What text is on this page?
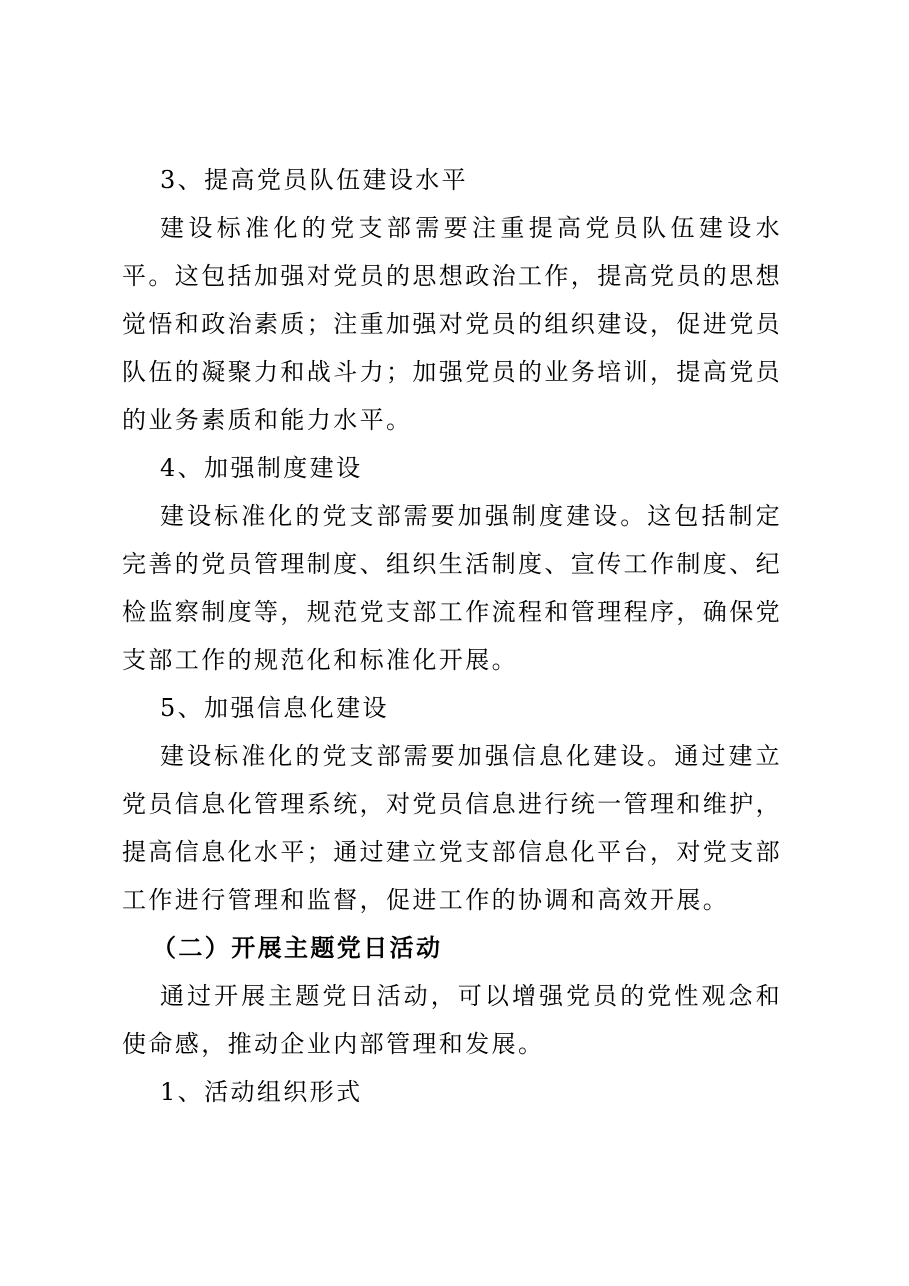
3、提高党员队伍建设水平

建设标准化的党支部需要注重提高党员队伍建设水平。这包括加强对党员的思想政治工作，提高党员的思想觉悟和政治素质；注重加强对党员的组织建设，促进党员队伍的凝聚力和战斗力；加强党员的业务培训，提高党员的业务素质和能力水平。

4、加强制度建设

建设标准化的党支部需要加强制度建设。这包括制定完善的党员管理制度、组织生活制度、宣传工作制度、纪检监察制度等，规范党支部工作流程和管理程序，确保党支部工作的规范化和标准化开展。

5、加强信息化建设

建设标准化的党支部需要加强信息化建设。通过建立党员信息化管理系统，对党员信息进行统一管理和维护，提高信息化水平；通过建立党支部信息化平台，对党支部工作进行管理和监督，促进工作的协调和高效开展。

（二）开展主题党日活动

通过开展主题党日活动，可以增强党员的党性观念和使命感，推动企业内部管理和发展。

1、活动组织形式
